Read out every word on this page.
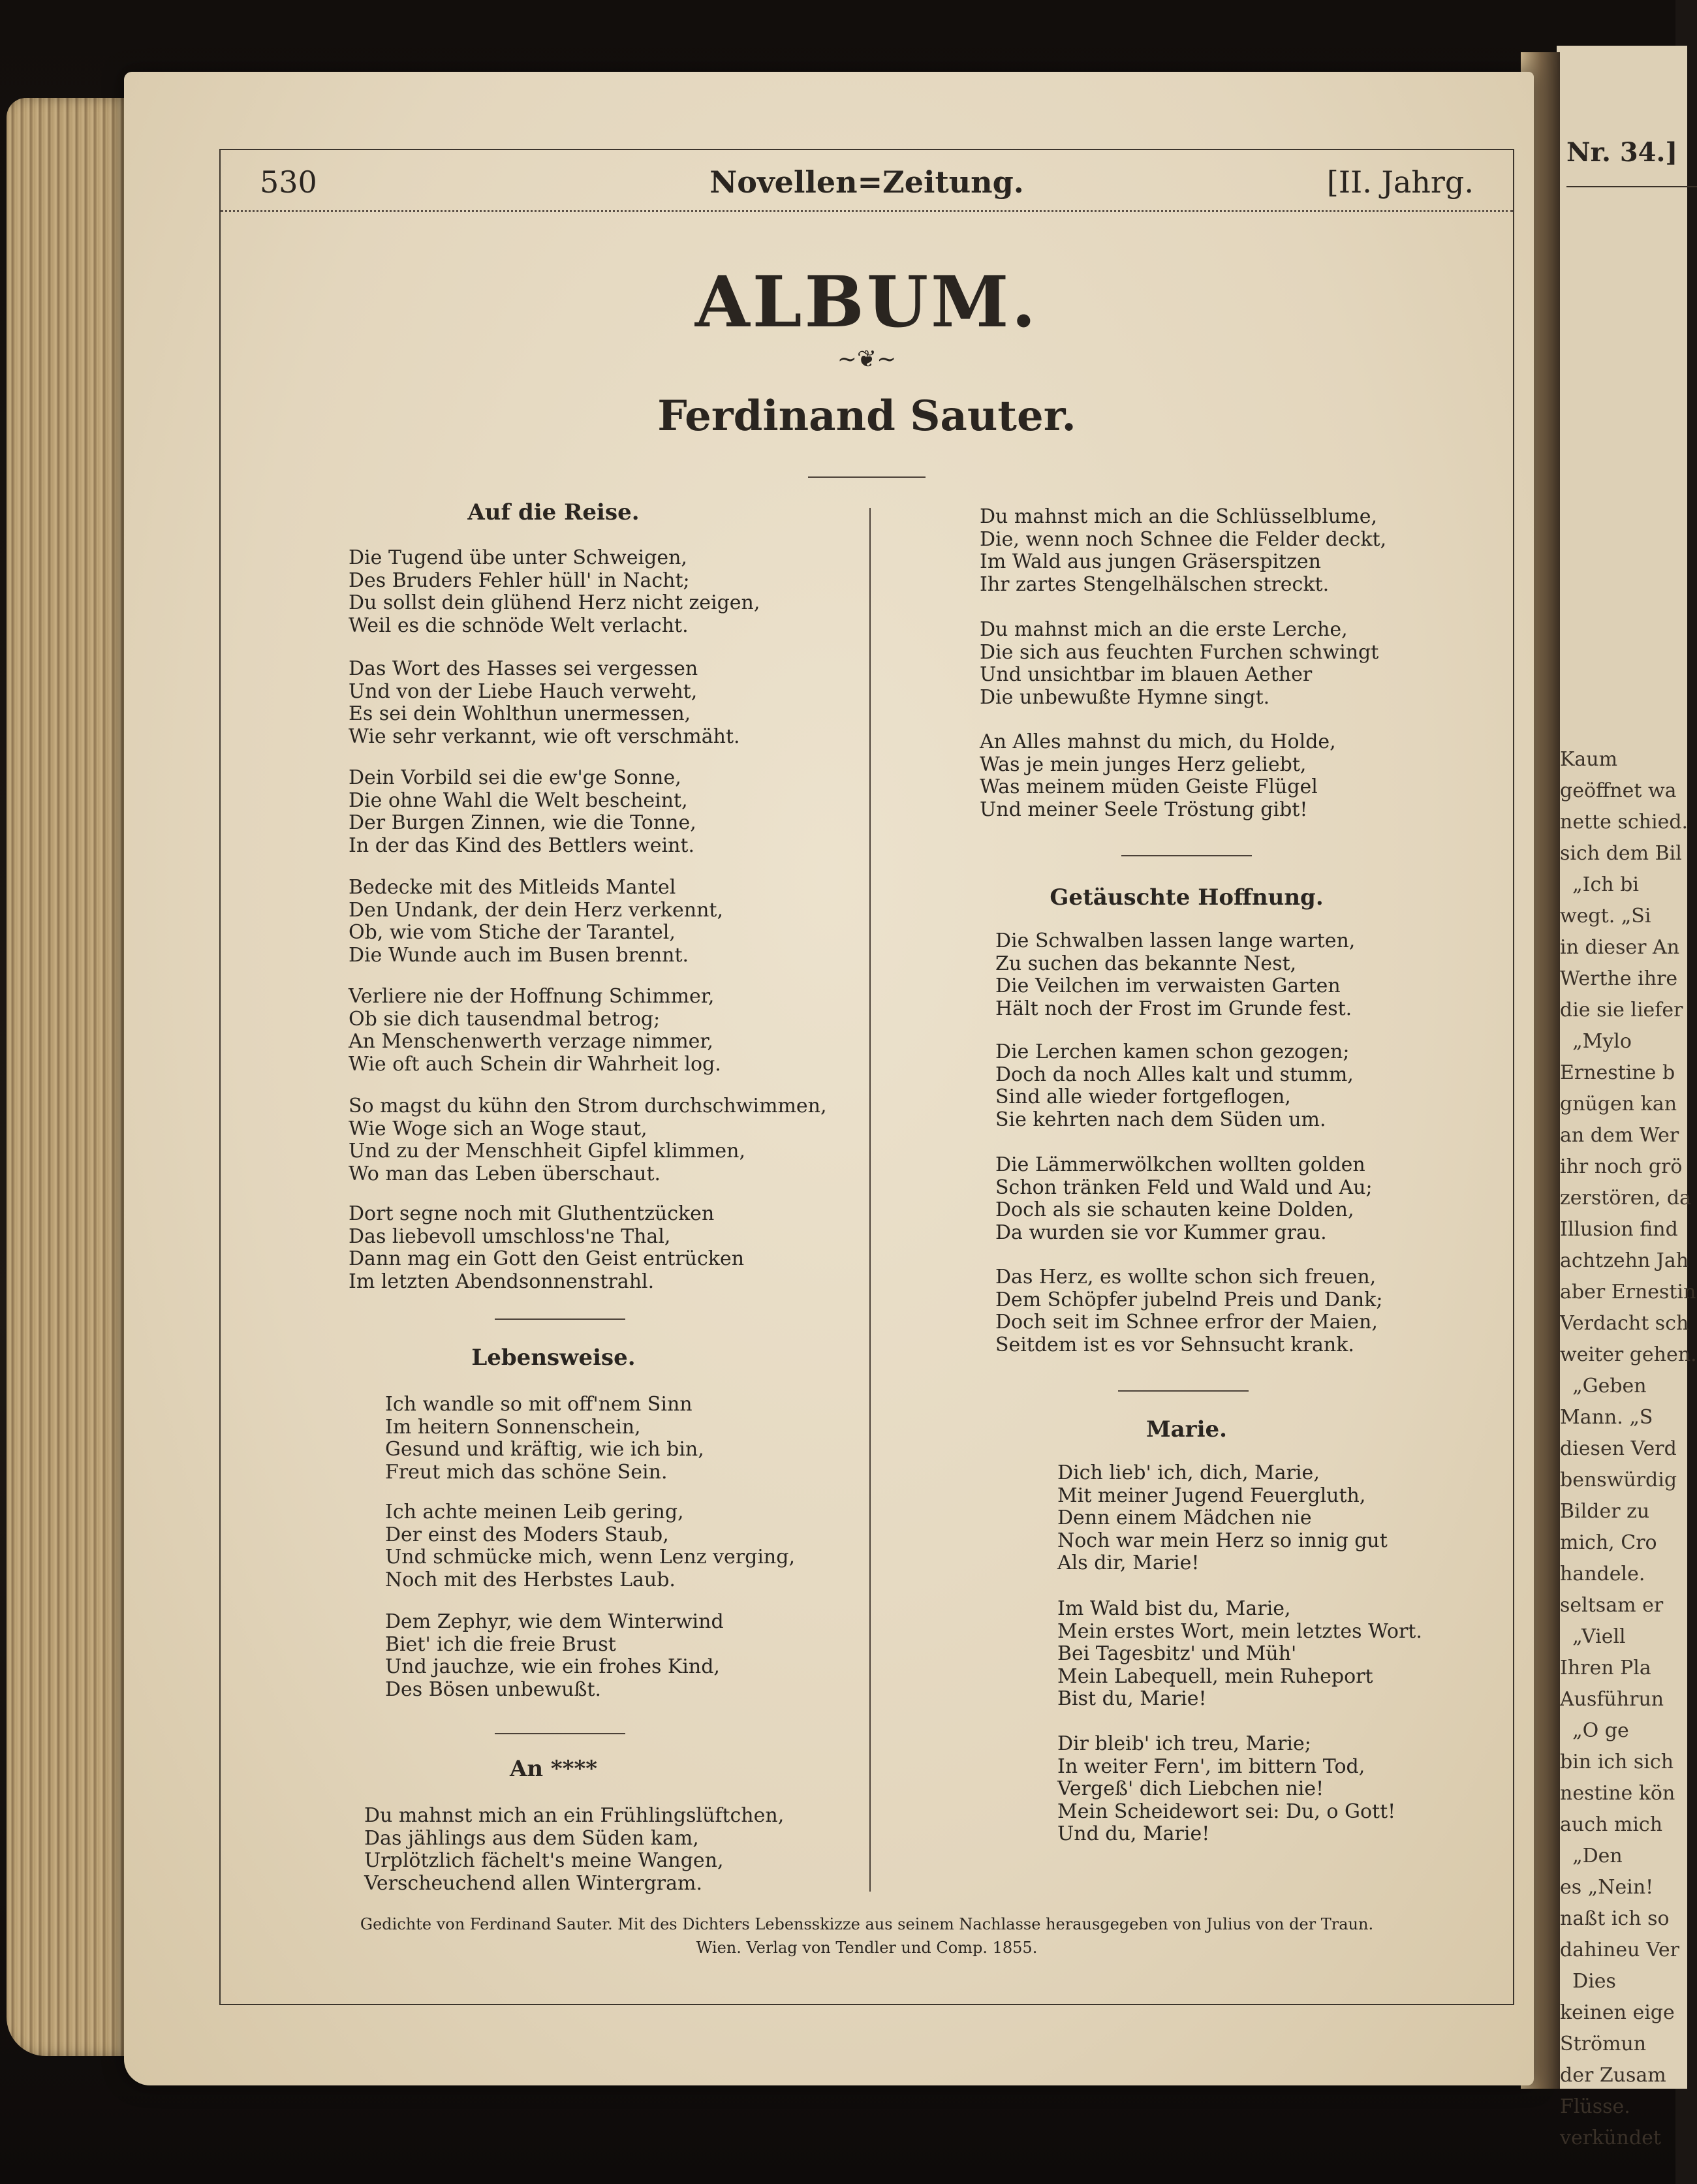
Nr. 34.]
Kaum
geöffnet wa
nette schied.
sich dem Bil
„Ich bi
wegt. „Si
in dieser An
Werthe ihre
die sie liefer
„Mylo
Ernestine b
gnügen kan
an dem Wer
ihr noch grö
zerstören, da
Illusion find
achtzehn Jah
aber Ernestin
Verdacht sch
weiter gehen.
„Geben
Mann. „S
diesen Verd
benswürdig
Bilder zu
mich, Cro
handele.
seltsam er
„Viell
Ihren Pla
Ausführun
„O ge
bin ich sich
nestine kön
auch mich
„Den
es „Nein!
naßt ich so
dahineu Ver
Dies
keinen eige
Strömun
der Zusam
Flüsse.
verkündet
530	Novellen=Zeitung.	[II. Jahrg.
ALBUM.
~❦~
Ferdinand Sauter.
Auf die Reise.
Die Tugend übe unter Schweigen,
Des Bruders Fehler hüll' in Nacht;
Du sollst dein glühend Herz nicht zeigen,
Weil es die schnöde Welt verlacht.
Das Wort des Hasses sei vergessen
Und von der Liebe Hauch verweht,
Es sei dein Wohlthun unermessen,
Wie sehr verkannt, wie oft verschmäht.
Dein Vorbild sei die ew'ge Sonne,
Die ohne Wahl die Welt bescheint,
Der Burgen Zinnen, wie die Tonne,
In der das Kind des Bettlers weint.
Bedecke mit des Mitleids Mantel
Den Undank, der dein Herz verkennt,
Ob, wie vom Stiche der Tarantel,
Die Wunde auch im Busen brennt.
Verliere nie der Hoffnung Schimmer,
Ob sie dich tausendmal betrog;
An Menschenwerth verzage nimmer,
Wie oft auch Schein dir Wahrheit log.
So magst du kühn den Strom durchschwimmen,
Wie Woge sich an Woge staut,
Und zu der Menschheit Gipfel klimmen,
Wo man das Leben überschaut.
Dort segne noch mit Gluthentzücken
Das liebevoll umschloss'ne Thal,
Dann mag ein Gott den Geist entrücken
Im letzten Abendsonnenstrahl.
Lebensweise.
Ich wandle so mit off'nem Sinn
Im heitern Sonnenschein,
Gesund und kräftig, wie ich bin,
Freut mich das schöne Sein.
Ich achte meinen Leib gering,
Der einst des Moders Staub,
Und schmücke mich, wenn Lenz verging,
Noch mit des Herbstes Laub.
Dem Zephyr, wie dem Winterwind
Biet' ich die freie Brust
Und jauchze, wie ein frohes Kind,
Des Bösen unbewußt.
An ****
Du mahnst mich an ein Frühlingslüftchen,
Das jählings aus dem Süden kam,
Urplötzlich fächelt's meine Wangen,
Verscheuchend allen Wintergram.
Du mahnst mich an die Schlüsselblume,
Die, wenn noch Schnee die Felder deckt,
Im Wald aus jungen Gräserspitzen
Ihr zartes Stengelhälschen streckt.
Du mahnst mich an die erste Lerche,
Die sich aus feuchten Furchen schwingt
Und unsichtbar im blauen Aether
Die unbewußte Hymne singt.
An Alles mahnst du mich, du Holde,
Was je mein junges Herz geliebt,
Was meinem müden Geiste Flügel
Und meiner Seele Tröstung gibt!
Getäuschte Hoffnung.
Die Schwalben lassen lange warten,
Zu suchen das bekannte Nest,
Die Veilchen im verwaisten Garten
Hält noch der Frost im Grunde fest.
Die Lerchen kamen schon gezogen;
Doch da noch Alles kalt und stumm,
Sind alle wieder fortgeflogen,
Sie kehrten nach dem Süden um.
Die Lämmerwölkchen wollten golden
Schon tränken Feld und Wald und Au;
Doch als sie schauten keine Dolden,
Da wurden sie vor Kummer grau.
Das Herz, es wollte schon sich freuen,
Dem Schöpfer jubelnd Preis und Dank;
Doch seit im Schnee erfror der Maien,
Seitdem ist es vor Sehnsucht krank.
Marie.
Dich lieb' ich, dich, Marie,
Mit meiner Jugend Feuergluth,
Denn einem Mädchen nie
Noch war mein Herz so innig gut
Als dir, Marie!
Im Wald bist du, Marie,
Mein erstes Wort, mein letztes Wort.
Bei Tagesbitz' und Müh'
Mein Labequell, mein Ruheport
Bist du, Marie!
Dir bleib' ich treu, Marie;
In weiter Fern', im bittern Tod,
Vergeß' dich Liebchen nie!
Mein Scheidewort sei: Du, o Gott!
Und du, Marie!
Gedichte von Ferdinand Sauter. Mit des Dichters Lebensskizze aus seinem Nachlasse herausgegeben von Julius von der Traun.
Wien. Verlag von Tendler und Comp. 1855.
